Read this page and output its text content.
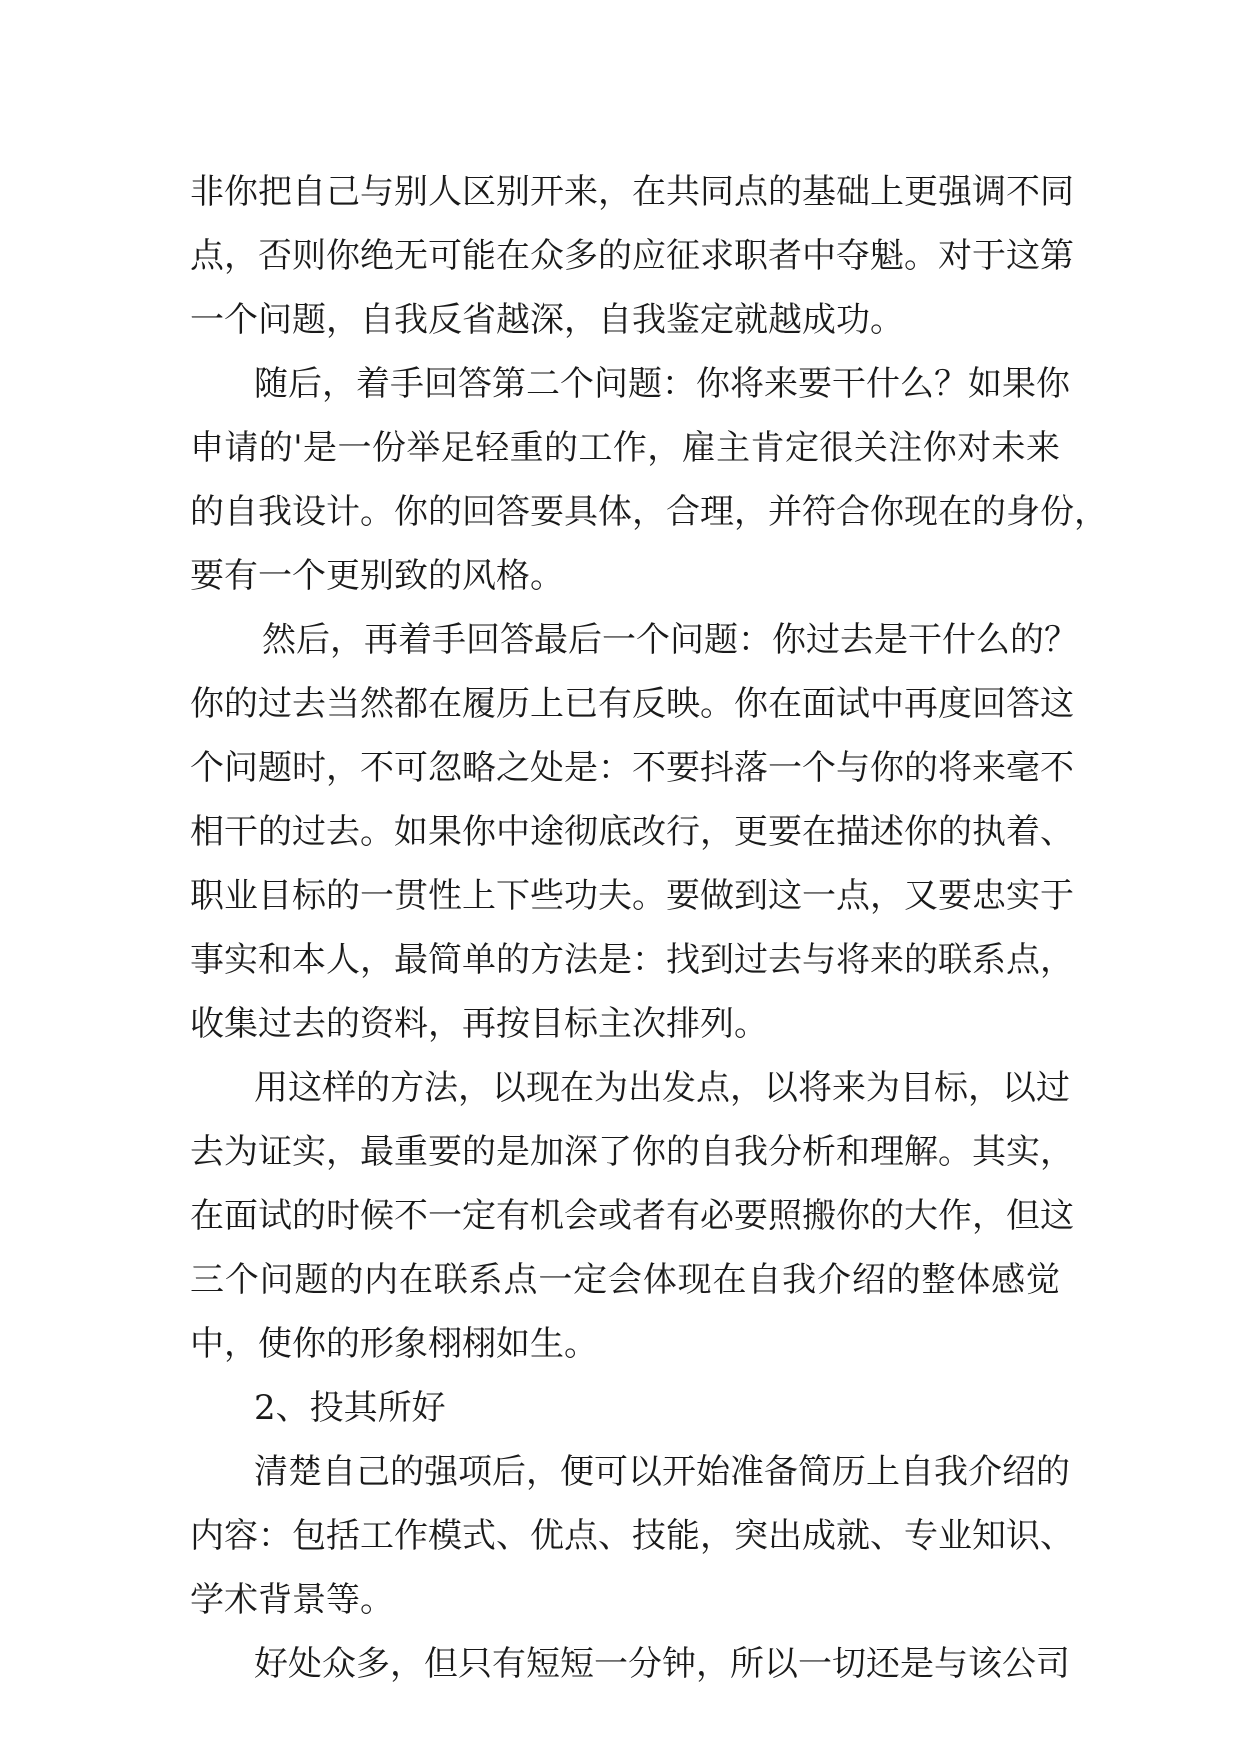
非你把自己与别人区别开来，在共同点的基础上更强调不同
点，否则你绝无可能在众多的应征求职者中夺魁。对于这第
一个问题，自我反省越深，自我鉴定就越成功。
随后，着手回答第二个问题：你将来要干什么？如果你
申请的'是一份举足轻重的工作，雇主肯定很关注你对未来
的自我设计。你的回答要具体，合理，并符合你现在的身份，
要有一个更别致的风格。
然后，再着手回答最后一个问题：你过去是干什么的？
你的过去当然都在履历上已有反映。你在面试中再度回答这
个问题时，不可忽略之处是：不要抖落一个与你的将来毫不
相干的过去。如果你中途彻底改行，更要在描述你的执着、
职业目标的一贯性上下些功夫。要做到这一点，又要忠实于
事实和本人，最简单的方法是：找到过去与将来的联系点，
收集过去的资料，再按目标主次排列。
用这样的方法，以现在为出发点，以将来为目标，以过
去为证实，最重要的是加深了你的自我分析和理解。其实，
在面试的时候不一定有机会或者有必要照搬你的大作，但这
三个问题的内在联系点一定会体现在自我介绍的整体感觉
中，使你的形象栩栩如生。
2、投其所好
清楚自己的强项后，便可以开始准备简历上自我介绍的
内容：包括工作模式、优点、技能，突出成就、专业知识、
学术背景等。
好处众多，但只有短短一分钟，所以一切还是与该公司
